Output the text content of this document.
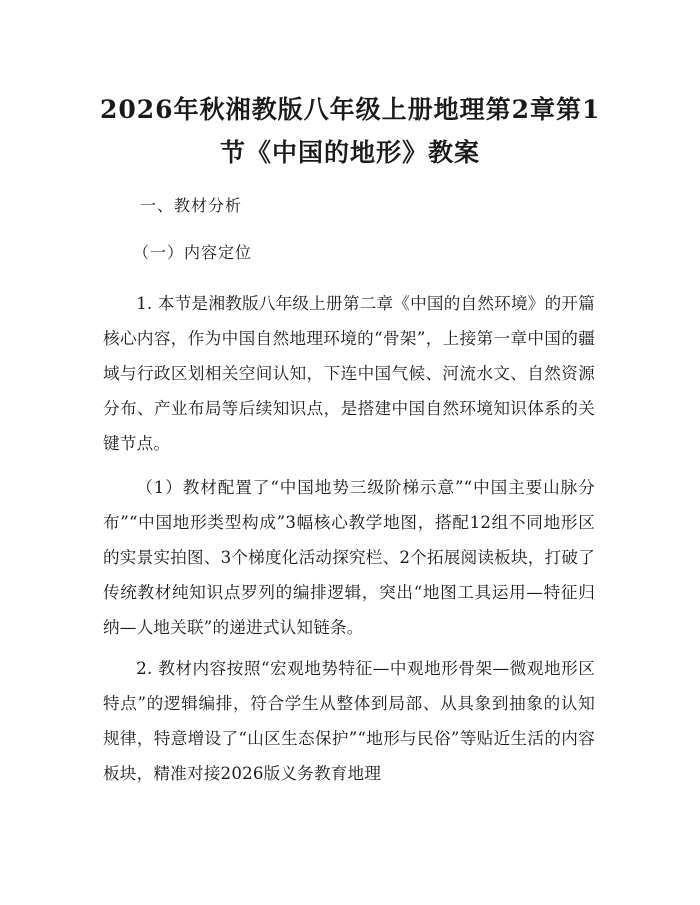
2026年秋湘教版八年级上册地理第2章第1
节《中国的地形》教案
一、教材分析
（一）内容定位

1. 本节是湘教版八年级上册第二章《中国的自然环境》的开篇核心内容，作为中国自然地理环境的“骨架”，上接第一章中国的疆域与行政区划相关空间认知，下连中国气候、河流水文、自然资源分布、产业布局等后续知识点，是搭建中国自然环境知识体系的关键节点。

（1）教材配置了“中国地势三级阶梯示意”“中国主要山脉分布”“中国地形类型构成”3幅核心教学地图，搭配12组不同地形区的实景实拍图、3个梯度化活动探究栏、2个拓展阅读板块，打破了传统教材纯知识点罗列的编排逻辑，突出“地图工具运用—特征归纳—人地关联”的递进式认知链条。

2. 教材内容按照“宏观地势特征—中观地形骨架—微观地形区特点”的逻辑编排，符合学生从整体到局部、从具象到抽象的认知规律，特意增设了“山区生态保护”“地形与民俗”等贴近生活的内容板块，精准对接2026版义务教育地理
